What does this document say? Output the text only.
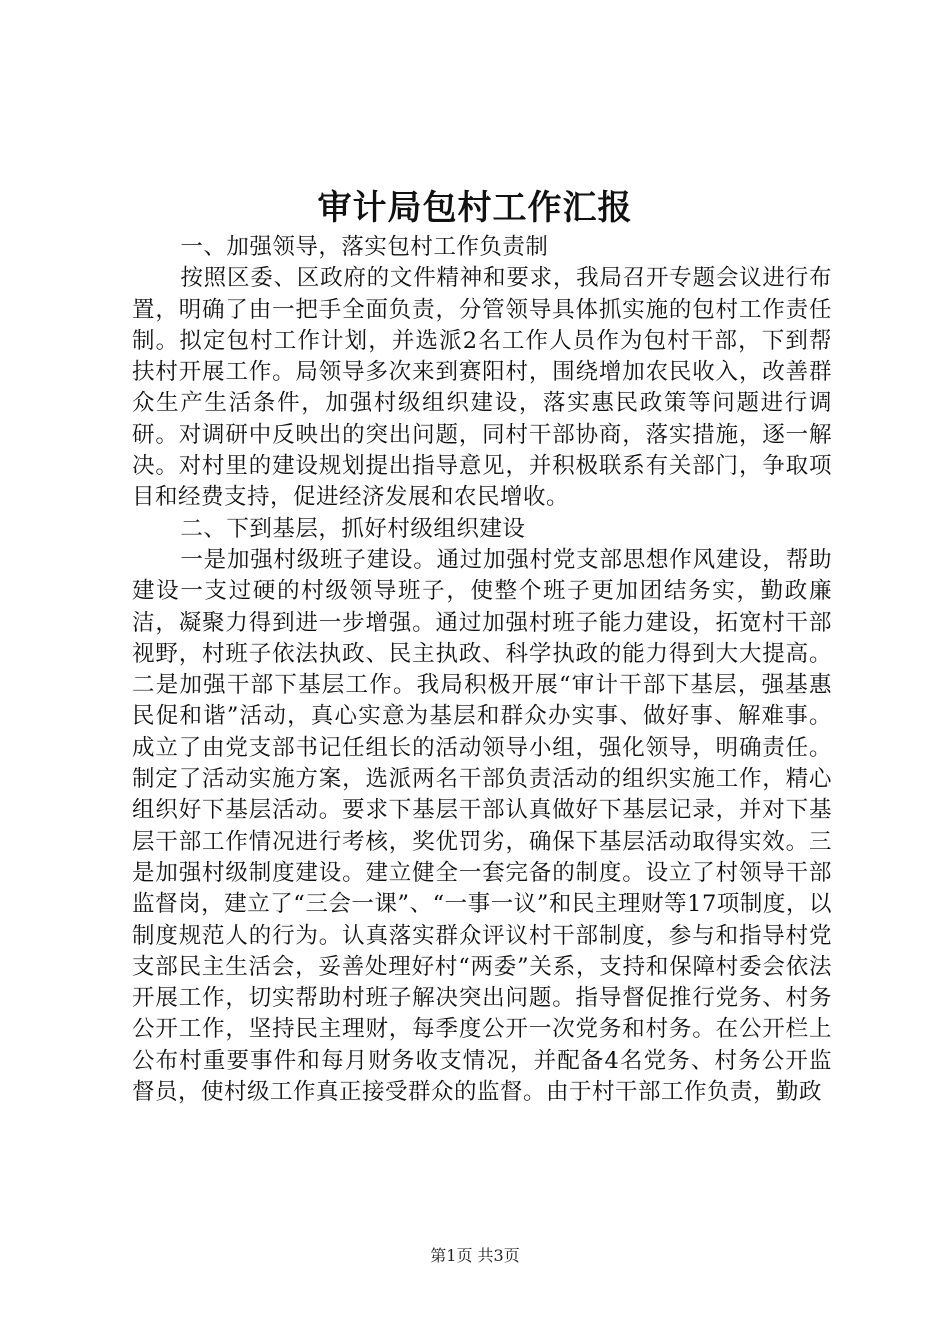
审计局包村工作汇报

一、加强领导，落实包村工作负责制

按照区委、区政府的文件精神和要求，我局召开专题会议进行布置，明确了由一把手全面负责，分管领导具体抓实施的包村工作责任制。拟定包村工作计划，并选派2名工作人员作为包村干部，下到帮扶村开展工作。局领导多次来到赛阳村，围绕增加农民收入，改善群众生产生活条件，加强村级组织建设，落实惠民政策等问题进行调研。对调研中反映出的突出问题，同村干部协商，落实措施，逐一解决。对村里的建设规划提出指导意见，并积极联系有关部门，争取项目和经费支持，促进经济发展和农民增收。

二、下到基层，抓好村级组织建设

一是加强村级班子建设。通过加强村党支部思想作风建设，帮助建设一支过硬的村级领导班子，使整个班子更加团结务实，勤政廉洁，凝聚力得到进一步增强。通过加强村班子能力建设，拓宽村干部视野，村班子依法执政、民主执政、科学执政的能力得到大大提高。二是加强干部下基层工作。我局积极开展“审计干部下基层，强基惠民促和谐”活动，真心实意为基层和群众办实事、做好事、解难事。成立了由党支部书记任组长的活动领导小组，强化领导，明确责任。制定了活动实施方案，选派两名干部负责活动的组织实施工作，精心组织好下基层活动。要求下基层干部认真做好下基层记录，并对下基层干部工作情况进行考核，奖优罚劣，确保下基层活动取得实效。三是加强村级制度建设。建立健全一套完备的制度。设立了村领导干部监督岗，建立了“三会一课”、“一事一议”和民主理财等17项制度，以制度规范人的行为。认真落实群众评议村干部制度，参与和指导村党支部民主生活会，妥善处理好村“两委”关系，支持和保障村委会依法开展工作，切实帮助村班子解决突出问题。指导督促推行党务、村务公开工作，坚持民主理财，每季度公开一次党务和村务。在公开栏上公布村重要事件和每月财务收支情况，并配备4名党务、村务公开监督员，使村级工作真正接受群众的监督。由于村干部工作负责，勤政

第1页 共3页
